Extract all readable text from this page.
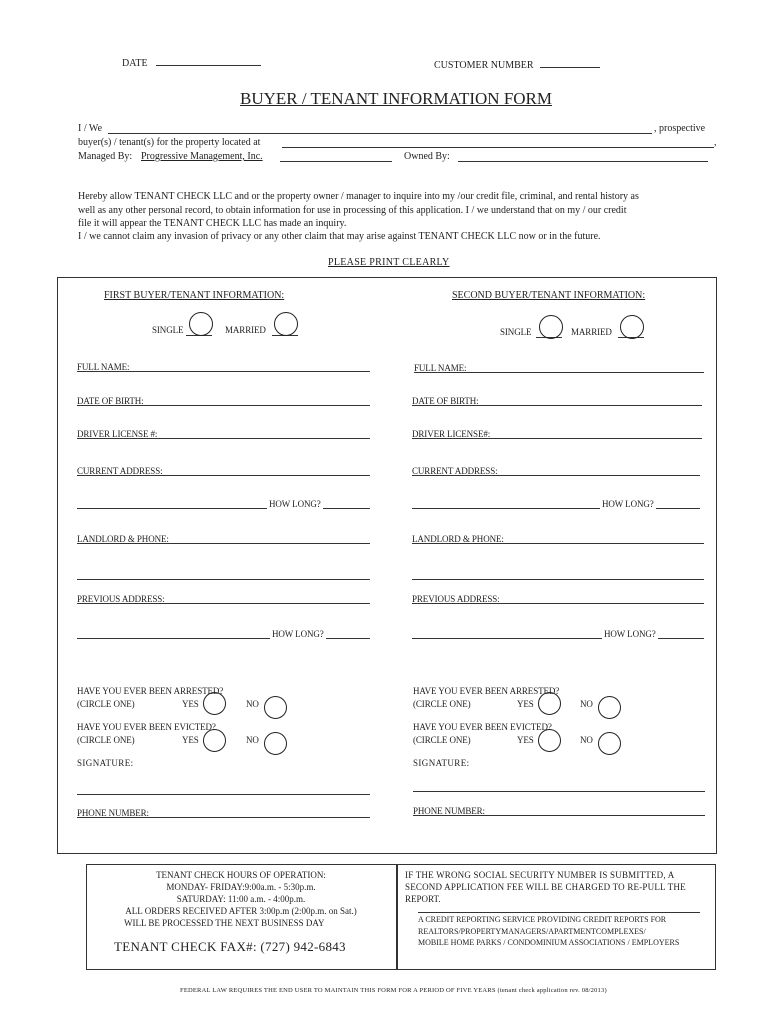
DATE	CUSTOMER NUMBER
BUYER / TENANT INFORMATION FORM
I / We	, prospective
buyer(s) / tenant(s) for the property located at	,
Managed By: Progressive Management, Inc.	Owned By:
Hereby allow TENANT CHECK LLC and or the property owner / manager to inquire into my /our credit file, criminal, and rental history as
well as any other personal record, to obtain information for use in processing of this application. I / we understand that on my / our credit
file it will appear the TENANT CHECK LLC has made an inquiry.
I / we cannot claim any invasion of privacy or any other claim that may arise against TENANT CHECK LLC now or in the future.
PLEASE PRINT CLEARLY
FIRST BUYER/TENANT INFORMATION:
SINGLE	MARRIED
FULL NAME:
DATE OF BIRTH:
DRIVER LICENSE #:
CURRENT ADDRESS:
HOW LONG?
LANDLORD & PHONE:
PREVIOUS ADDRESS:
HOW LONG?
HAVE YOU EVER BEEN ARRESTED?
(CIRCLE ONE)	YES	NO
HAVE YOU EVER BEEN EVICTED?
(CIRCLE ONE)	YES	NO
SIGNATURE:
PHONE NUMBER:
SECOND BUYER/TENANT INFORMATION:
SINGLE	MARRIED
FULL NAME:
DATE OF BIRTH:
DRIVER LICENSE#:
CURRENT ADDRESS:
HOW LONG?
LANDLORD & PHONE:
PREVIOUS ADDRESS:
HOW LONG?
HAVE YOU EVER BEEN ARRESTED?
(CIRCLE ONE)	YES	NO
HAVE YOU EVER BEEN EVICTED?
(CIRCLE ONE)	YES	NO
SIGNATURE:
PHONE NUMBER:
TENANT CHECK HOURS OF OPERATION:
MONDAY- FRIDAY:9:00a.m. - 5:30p.m.
SATURDAY: 11:00 a.m. - 4:00p.m.
ALL ORDERS RECEIVED AFTER 3:00p.m (2:00p.m. on Sat.)
WILL BE PROCESSED THE NEXT BUSINESS DAY
TENANT CHECK FAX#: (727) 942-6843
IF THE WRONG SOCIAL SECURITY NUMBER IS SUBMITTED, A
SECOND APPLICATION FEE WILL BE CHARGED TO RE-PULL THE
REPORT.
A CREDIT REPORTING SERVICE PROVIDING CREDIT REPORTS FOR
REALTORS/PROPERTYMANAGERS/APARTMENTCOMPLEXES/
MOBILE HOME PARKS / CONDOMINIUM ASSOCIATIONS / EMPLOYERS
FEDERAL LAW REQUIRES THE END USER TO MAINTAIN THIS FORM FOR A PERIOD OF FIVE YEARS (tenant check application rev. 08/2013)
